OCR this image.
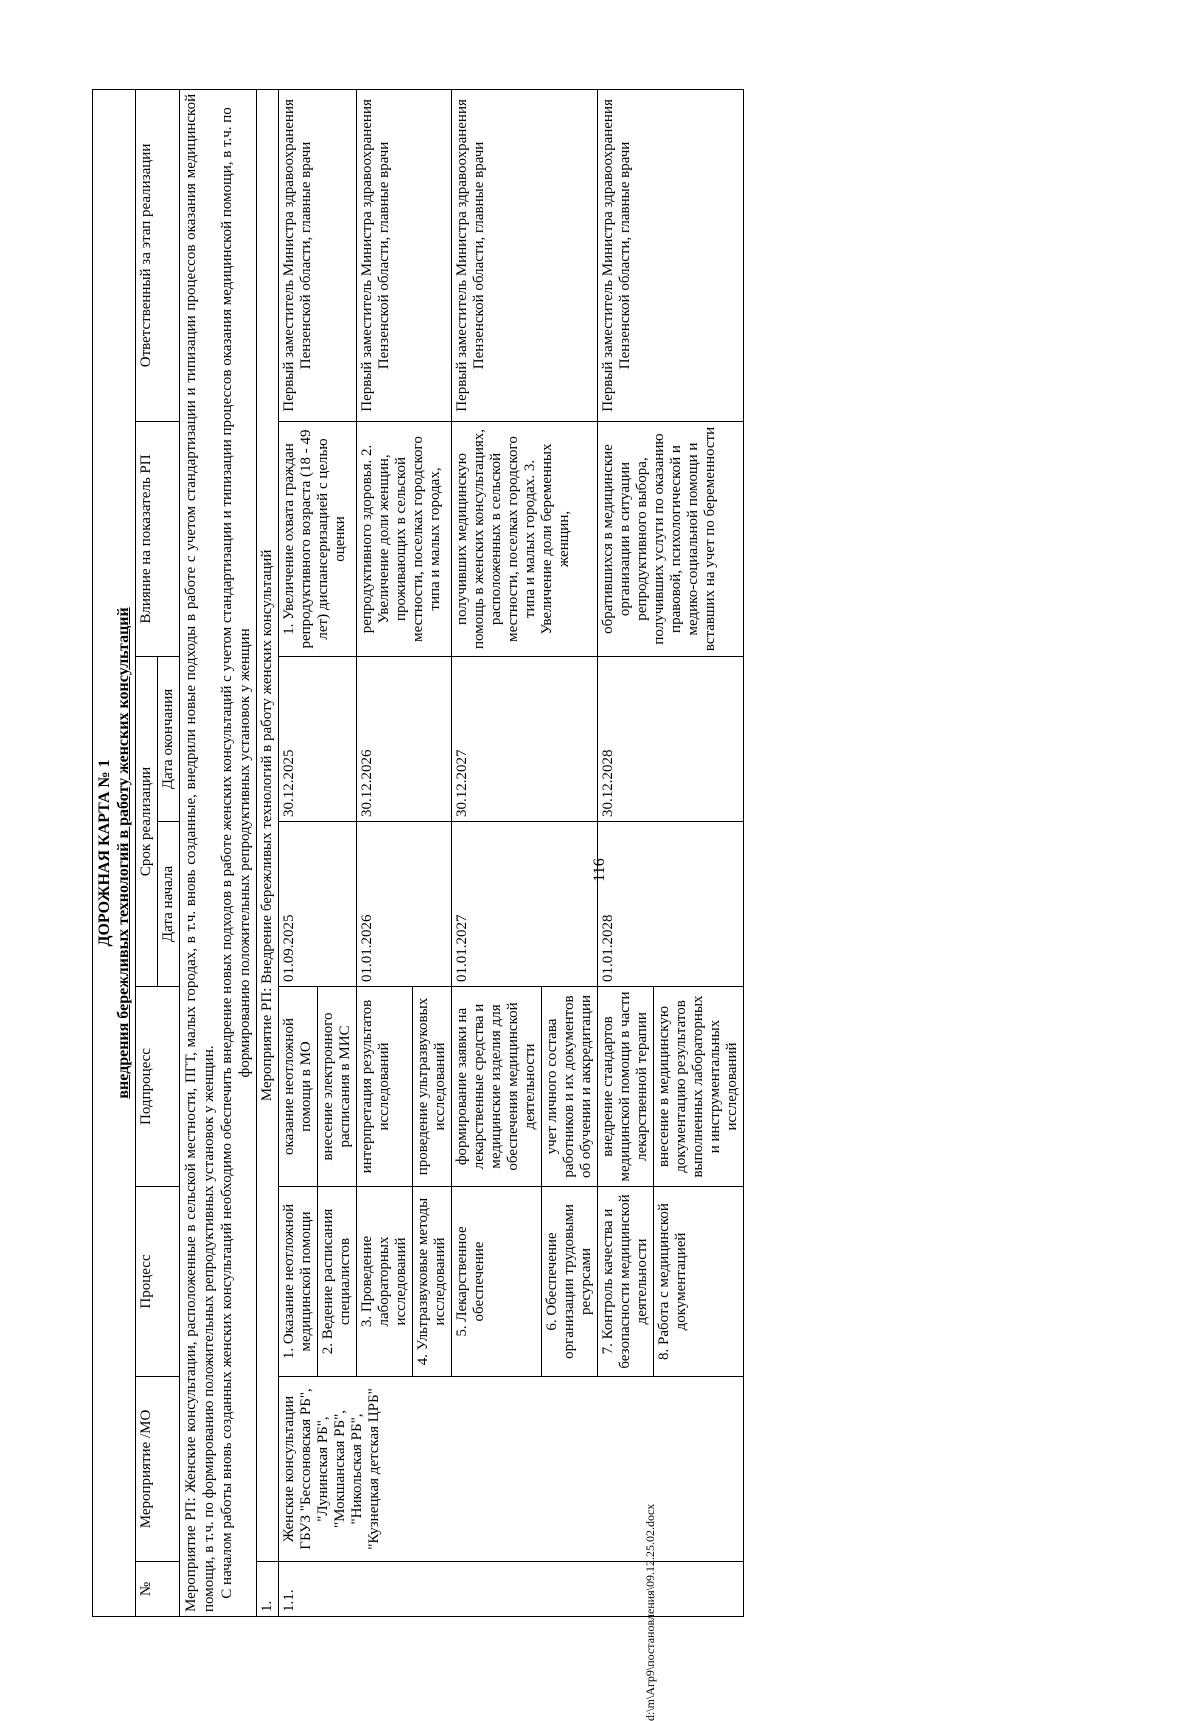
116
d:\m\Агр9\постановления\09.12.25.02.docx
ДОРОЖНАЯ КАРТА № 1 внедрения бережливых технологий в работу женских консультаций							

№	Мероприятие /МО	Процесс	Подпроцесс	Срок реализации		Влияние на показатель РП	Ответственный за этап реализации
				Дата начала	Дата окончания		

Мероприятие РП: Женские консультации, расположенные в сельской местности, ПГТ, малых городах, в т.ч. вновь созданные, внедрили новые подходы в работе с учетом стандартизации и типизации процессов оказания медицинской помощи, в т.ч. по формированию положительных репродуктивных установок у женщин. С началом работы вновь созданных женских консультаций необходимо обеспечить внедрение новых подходов в работе женских консультаций с учетом стандартизации и типизации процессов оказания медицинской помощи, в т.ч. по формированию положительных репродуктивных установок у женщин							

1.	Мероприятие РП: Внедрение бережливых технологий в работу женских консультаций						
1.1.	Женские консультации ГБУЗ "Бессоновская РБ", "Лунинская РБ", "Мокшанская РБ", "Никольская РБ", "Кузнецкая детская ЦРБ"	1. Оказание неотложной медицинской помощи	оказание неотложной помощи в МО	01.09.2025	30.12.2025	1. Увеличение охвата граждан репродуктивного возраста (18 - 49 лет) диспансеризацией с целью оценки	Первый заместитель Министра здравоохранения Пензенской области, главные врачи
		2. Ведение расписания специалистов	внесение электронного расписания в МИС				
		3. Проведение лабораторных исследований	интерпретация результатов исследований	01.01.2026	30.12.2026	репродуктивного здоровья. 2. Увеличение доли женщин, проживающих в сельской местности, поселках городского типа и малых городах,	Первый заместитель Министра здравоохранения Пензенской области, главные врачи
		4. Ультразвуковые методы исследований	проведение ультразвуковых исследований				
		5. Лекарственное обеспечение	формирование заявки на лекарственные средства и медицинские изделия для обеспечения медицинской деятельности	01.01.2027	30.12.2027	получивших медицинскую помощь в женских консультациях, расположенных в сельской местности, поселках городского типа и малых городах. 3. Увеличение доли беременных женщин,	Первый заместитель Министра здравоохранения Пензенской области, главные врачи
		6. Обеспечение организации трудовыми ресурсами	учет личного состава работников и их документов об обучении и аккредитации				
		7. Контроль качества и безопасности медицинской деятельности	внедрение стандартов медицинской помощи в части лекарственной терапии	01.01.2028	30.12.2028	обратившихся в медицинские организации в ситуации репродуктивного выбора, получивших услуги по оказанию правовой, психологической и медико-социальной помощи и вставших на учет по беременности	Первый заместитель Министра здравоохранения Пензенской области, главные врачи
		8. Работа с медицинской документацией	внесение в медицинскую документацию результатов выполненных лабораторных и инструментальных исследований				
